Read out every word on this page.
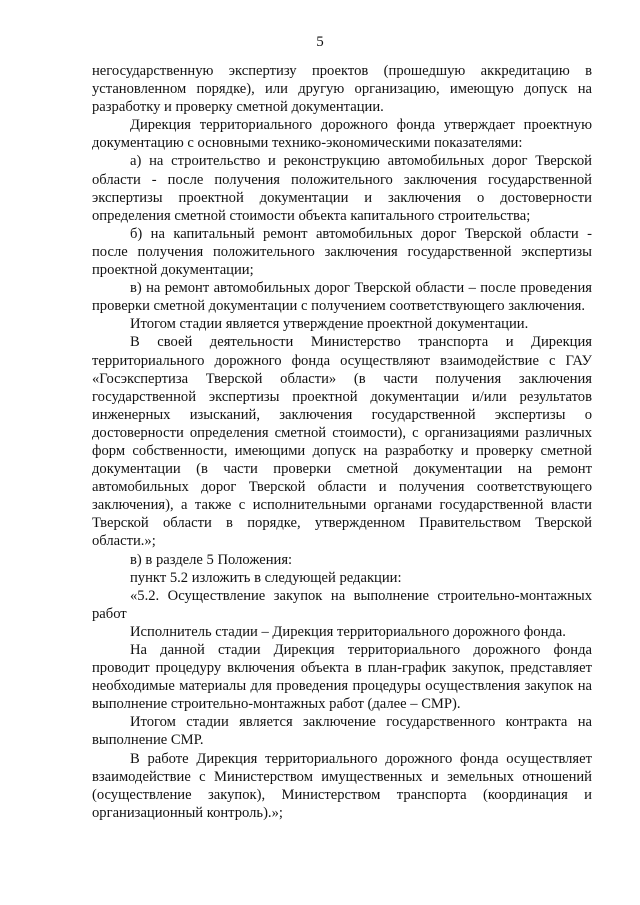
5

негосударственную экспертизу проектов (прошедшую аккредитацию в установленном порядке), или другую организацию, имеющую допуск на разработку и проверку сметной документации.

Дирекция территориального дорожного фонда утверждает проектную документацию с основными технико-экономическими показателями:

а) на строительство и реконструкцию автомобильных дорог Тверской области - после получения положительного заключения государственной экспертизы проектной документации и заключения о достоверности определения сметной стоимости объекта капитального строительства;

б) на капитальный ремонт автомобильных дорог Тверской области - после получения положительного заключения государственной экспертизы проектной документации;

в) на ремонт автомобильных дорог Тверской области – после проведения проверки сметной документации с получением соответствующего заключения.

Итогом стадии является утверждение проектной документации.

В своей деятельности Министерство транспорта и Дирекция территориального дорожного фонда осуществляют взаимодействие с ГАУ «Госэкспертиза Тверской области» (в части получения заключения государственной экспертизы проектной документации и/или результатов инженерных изысканий, заключения государственной экспертизы о достоверности определения сметной стоимости), с организациями различных форм собственности, имеющими допуск на разработку и проверку сметной документации (в части проверки сметной документации на ремонт автомобильных дорог Тверской области и получения соответствующего заключения), а также с исполнительными органами государственной власти Тверской области в порядке, утвержденном Правительством Тверской области.»;

в) в разделе 5 Положения:

пункт 5.2 изложить в следующей редакции:

«5.2. Осуществление закупок на выполнение строительно-монтажных работ

Исполнитель стадии – Дирекция территориального дорожного фонда.

На данной стадии Дирекция территориального дорожного фонда проводит процедуру включения объекта в план-график закупок, представляет необходимые материалы для проведения процедуры осуществления закупок на выполнение строительно-монтажных работ (далее – СМР).

Итогом стадии является заключение государственного контракта на выполнение СМР.

В работе Дирекция территориального дорожного фонда осуществляет взаимодействие с Министерством имущественных и земельных отношений (осуществление закупок), Министерством транспорта (координация и организационный контроль).»;
